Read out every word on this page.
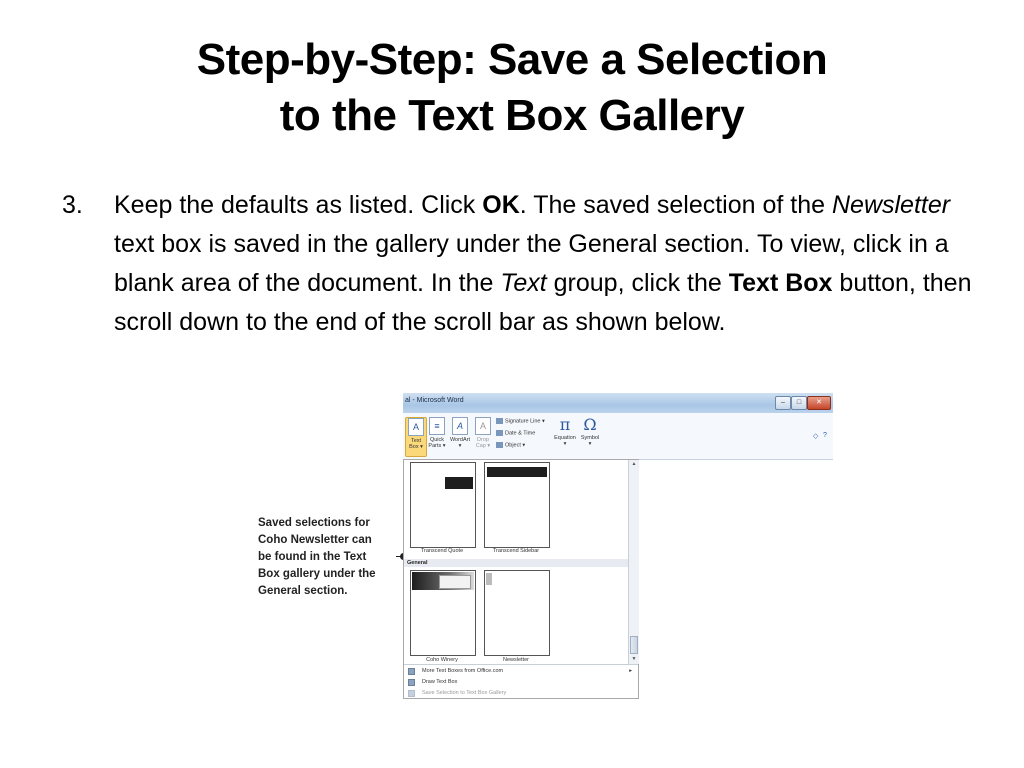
Step-by-Step: Save a Selection
to the Text Box Gallery
3. Keep the defaults as listed. Click OK. The saved selection of the Newsletter text box is saved in the gallery under the General section. To view, click in a blank area of the document. In the Text group, click the Text Box button, then scroll down to the end of the scroll bar as shown below.
Saved selections for Coho Newsletter can be found in the Text Box gallery under the General section.
al - Microsoft Word	–	□	✕
◇ ?
A
Text Box ▾
≡
Quick Parts ▾
A
WordArt ▾
A
Drop Cap ▾
Signature Line ▾
Date & Time
Object ▾
π
Equation ▾
Ω
Symbol ▾
Transcend Quote	Transcend Sidebar
General
Coho Winery	Newsletter
▲
▼
More Text Boxes from Office.com	▸
Draw Text Box
Save Selection to Text Box Gallery
